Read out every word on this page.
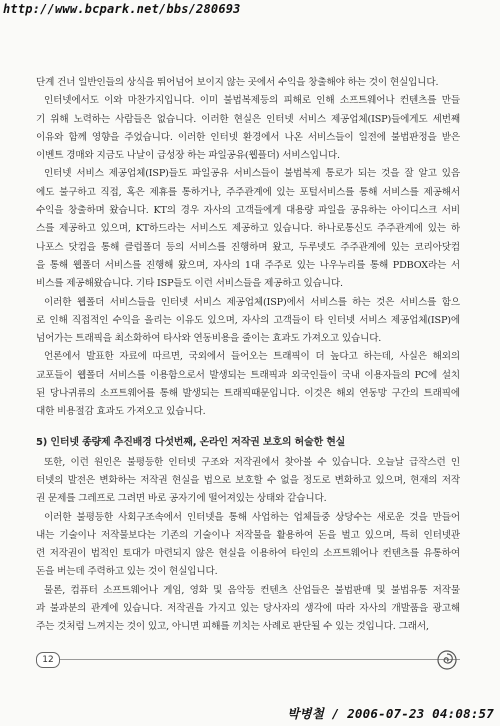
http://www.bcpark.net/bbs/280693
단계 건너 일반인들의 상식을 뛰어넘어 보이지 않는 곳에서 수익을 창출해야 하는 것이 현실입니다.
인터넷에서도 이와 마찬가지입니다. 이미 불법복제등의 피해로 인해 소프트웨어나 컨텐츠를 만들
기 위해 노력하는 사람들은 없습니다. 이러한 현실은 인터넷 서비스 제공업체(ISP)들에게도 세번째
이유와 함께 영향을 주었습니다. 이러한 인터넷 환경에서 나온 서비스들이 일전에 불법판정을 받은
이벤트 경매와 지금도 나날이 급성장 하는 파일공유(웹플더) 서비스입니다.
인터넷 서비스 제공업체(ISP)들도 파일공유 서비스들이 불법복제 통로가 되는 것을 잘 알고 있음
에도 불구하고 직접, 혹은 제휴를 통하거나, 주주관계에 있는 포털서비스를 통해 서비스를 제공해서
수익을 창출하며 왔습니다. KT의 경우 자사의 고객들에게 대용량 파일을 공유하는 아이디스크 서비
스를 제공하고 있으며, KT하드라는 서비스도 제공하고 있습니다. 하나로통신도 주주관계에 있는 하
나포스 닷컴을 통해 클럽폴더 등의 서비스를 진행하며 왔고, 두루넷도 주주관계에 있는 코리아닷컴
을 통해 웹폴더 서비스를 진행해 왔으며, 자사의 1대 주주로 있는 나우누리를 통해 PDBOX라는 서
비스를 제공해왔습니다. 기타 ISP들도 이런 서비스들을 제공하고 있습니다.
이러한 웹폴더 서비스들을 인터넷 서비스 제공업체(ISP)에서 서비스를 하는 것은 서비스를 함으
로 인해 직접적인 수익을 올리는 이유도 있으며, 자사의 고객들이 타 인터넷 서비스 제공업체(ISP)에
넘어가는 트래픽을 최소화하여 타사와 연동비용을 줄이는 효과도 가져오고 있습니다.
언론에서 발표한 자료에 따르면, 국외에서 들어오는 트래픽이 더 높다고 하는데, 사실은 해외의
교포들이 웹폴더 서비스를 이용함으로서 발생되는 트래픽과 외국인들이 국내 이용자들의 PC에 설치
된 당나귀류의 소프트웨어를 통해 발생되는 트래픽때문입니다. 이것은 해외 연동망 구간의 트래픽에
대한 비용절감 효과도 가져오고 있습니다.
5) 인터넷 종량제 추진배경 다섯번째, 온라인 저작권 보호의 허술한 현실
또한, 이런 원인은 불평등한 인터넷 구조와 저작권에서 찾아볼 수 있습니다. 오늘날 급작스런 인
터넷의 발전은 변화하는 저작권 현실을 법으로 보호할 수 없을 정도로 변화하고 있으며, 현재의 저작
권 문제를 그레프로 그려면 바로 공자기에 떨어져있는 상태와 같습니다.
이러한 불평등한 사회구조속에서 인터넷을 통해 사업하는 업체들중 상당수는 새로운 것을 만들어
내는 기술이나 저작물보다는 기존의 기술이나 저작물을 활용하여 돈을 벌고 있으며, 특히 인터넷관
련 저작권이 법적인 토대가 마련되지 않은 현실을 이용하여 타인의 소프트웨어나 컨텐츠를 유통하여
돈을 버는데 주력하고 있는 것이 현실입니다.
물론, 컴퓨터 소프트웨어나 게임, 영화 및 음악등 컨텐츠 산업들은 불법판매 및 불법유통 저작물
과 불과분의 관계에 있습니다. 저작권을 가지고 있는 당사자의 생각에 따라 자사의 개발품을 광고해
주는 것처럼 느껴지는 것이 있고, 아니면 피해를 끼치는 사례로 판단될 수 있는 것입니다. 그래서,
12
박병철 / 2006-07-23 04:08:57
